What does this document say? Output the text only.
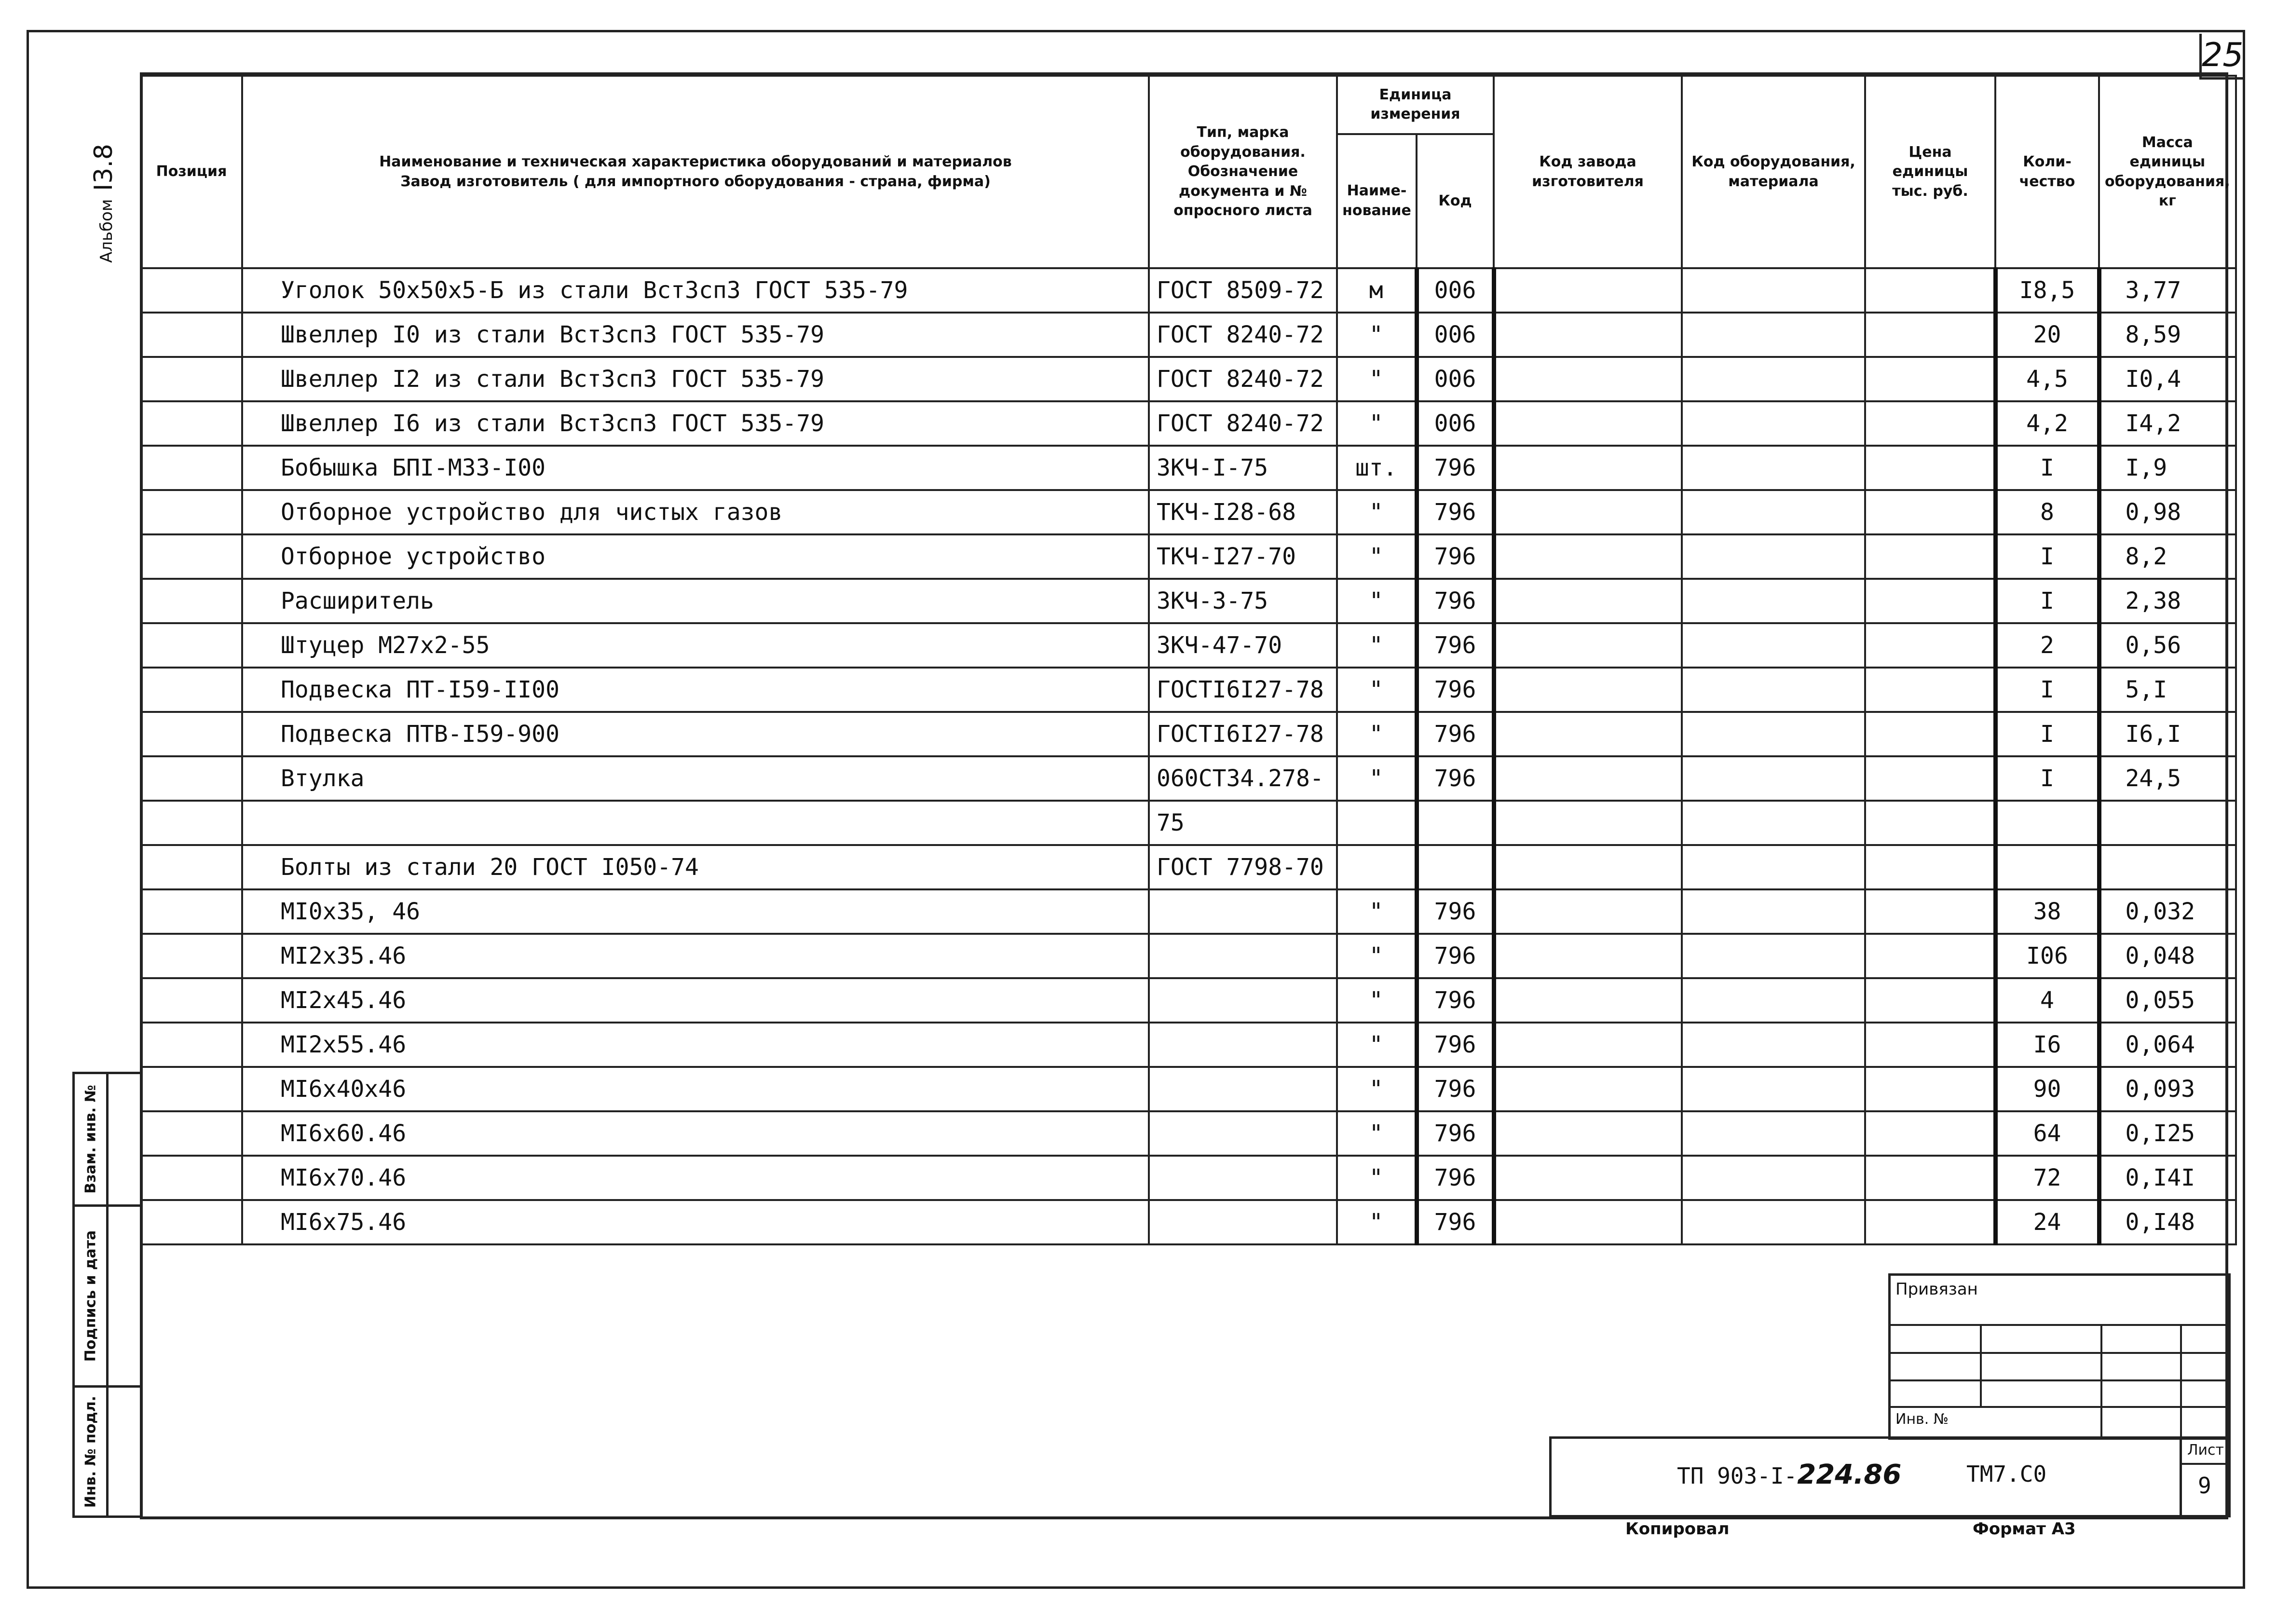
25
Альбом I3.8
Взам. инв. №
Подпись и дата
Инв. № подл.
Позиция	Наименование и техническая характеристика оборудований и материалов Завод изготовитель ( для импортного оборудования - страна, фирма)	Тип, марка оборудования. Обозначение документа и № опросного листа	Единица измерения		Код завода изготовителя	Код оборудования, материала	Цена единицы тыс. руб.	Коли-чество	Масса единицы оборудования, кг
			Наиме-нование	Код					
	Уголок 50х50х5-Б из стали ВстЗсп3 ГОСТ 535-79	ГОСТ 8509-72	м	006				I8,5	3,77
	Швеллер I0 из стали ВстЗсп3 ГОСТ 535-79	ГОСТ 8240-72	"	006				20	8,59
	Швеллер I2 из стали ВстЗсп3 ГОСТ 535-79	ГОСТ 8240-72	"	006				4,5	I0,4
	Швеллер I6 из стали ВстЗсп3 ГОСТ 535-79	ГОСТ 8240-72	"	006				4,2	I4,2
	Бобышка БПI-М33-I00	ЗКЧ-I-75	шт.	796				I	I,9
	Отборное устройство для чистых газов	ТКЧ-I28-68	"	796				8	0,98
	Отборное устройство	ТКЧ-I27-70	"	796				I	8,2
	Расширитель	ЗКЧ-3-75	"	796				I	2,38
	Штуцер М27х2-55	ЗКЧ-47-70	"	796				2	0,56
	Подвеска ПТ-I59-II00	ГОСТI6I27-78	"	796				I	5,I
	Подвеска ПТВ-I59-900	ГОСТI6I27-78	"	796				I	I6,I
	Втулка	060СТ34.278-	"	796				I	24,5
		75							
	Болты из стали 20 ГОСТ I050-74	ГОСТ 7798-70							
	МI0х35, 46		"	796				38	0,032
	МI2х35.46		"	796				I06	0,048
	МI2х45.46		"	796				4	0,055
	МI2х55.46		"	796				I6	0,064
	МI6х40х46		"	796				90	0,093
	МI6х60.46		"	796				64	0,I25
	МI6х70.46		"	796				72	0,I4I
	МI6х75.46		"	796				24	0,I48
Привязан
Инв. №
ТП 903-I-224.86	ТМ7.С0
Лист
9
Копировал	Формат А3
